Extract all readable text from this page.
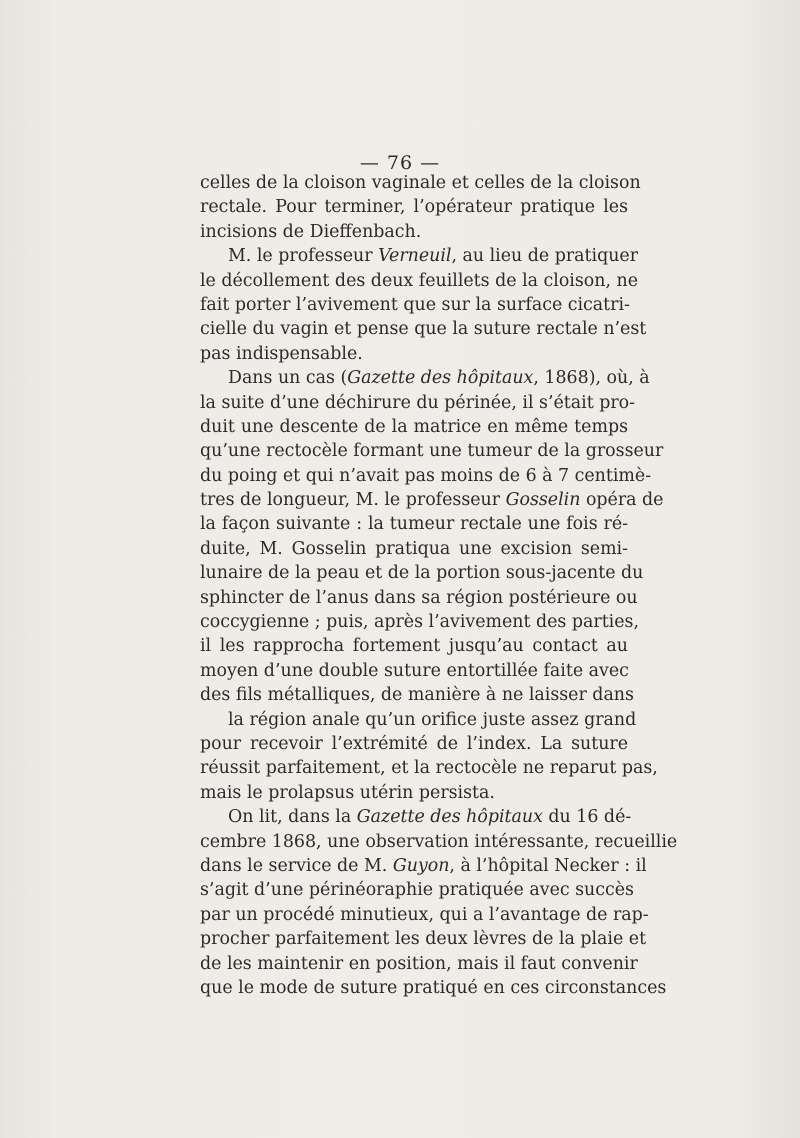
— 76 —
celles de la cloison vaginale et celles de la cloison
rectale. Pour terminer, l’opérateur pratique les
incisions de Dieffenbach.
M. le professeur Verneuil, au lieu de pratiquer
le décollement des deux feuillets de la cloison, ne
fait porter l’avivement que sur la surface cicatri-
cielle du vagin et pense que la suture rectale n’est
pas indispensable.
Dans un cas (Gazette des hôpitaux, 1868), où, à
la suite d’une déchirure du périnée, il s’était pro-
duit une descente de la matrice en même temps
qu’une rectocèle formant une tumeur de la grosseur
du poing et qui n’avait pas moins de 6 à 7 centimè-
tres de longueur, M. le professeur Gosselin opéra de
la façon suivante : la tumeur rectale une fois ré-
duite, M. Gosselin pratiqua une excision semi-
lunaire de la peau et de la portion sous-jacente du
sphincter de l’anus dans sa région postérieure ou
coccygienne ; puis, après l’avivement des parties,
il les rapprocha fortement jusqu’au contact au
moyen d’une double suture entortillée faite avec
des fils métalliques, de manière à ne laisser dans
la région anale qu’un orifice juste assez grand
pour recevoir l’extrémité de l’index. La suture
réussit parfaitement, et la rectocèle ne reparut pas,
mais le prolapsus utérin persista.
On lit, dans la Gazette des hôpitaux du 16 dé-
cembre 1868, une observation intéressante, recueillie
dans le service de M. Guyon, à l’hôpital Necker : il
s’agit d’une périnéoraphie pratiquée avec succès
par un procédé minutieux, qui a l’avantage de rap-
procher parfaitement les deux lèvres de la plaie et
de les maintenir en position, mais il faut convenir
que le mode de suture pratiqué en ces circonstances
